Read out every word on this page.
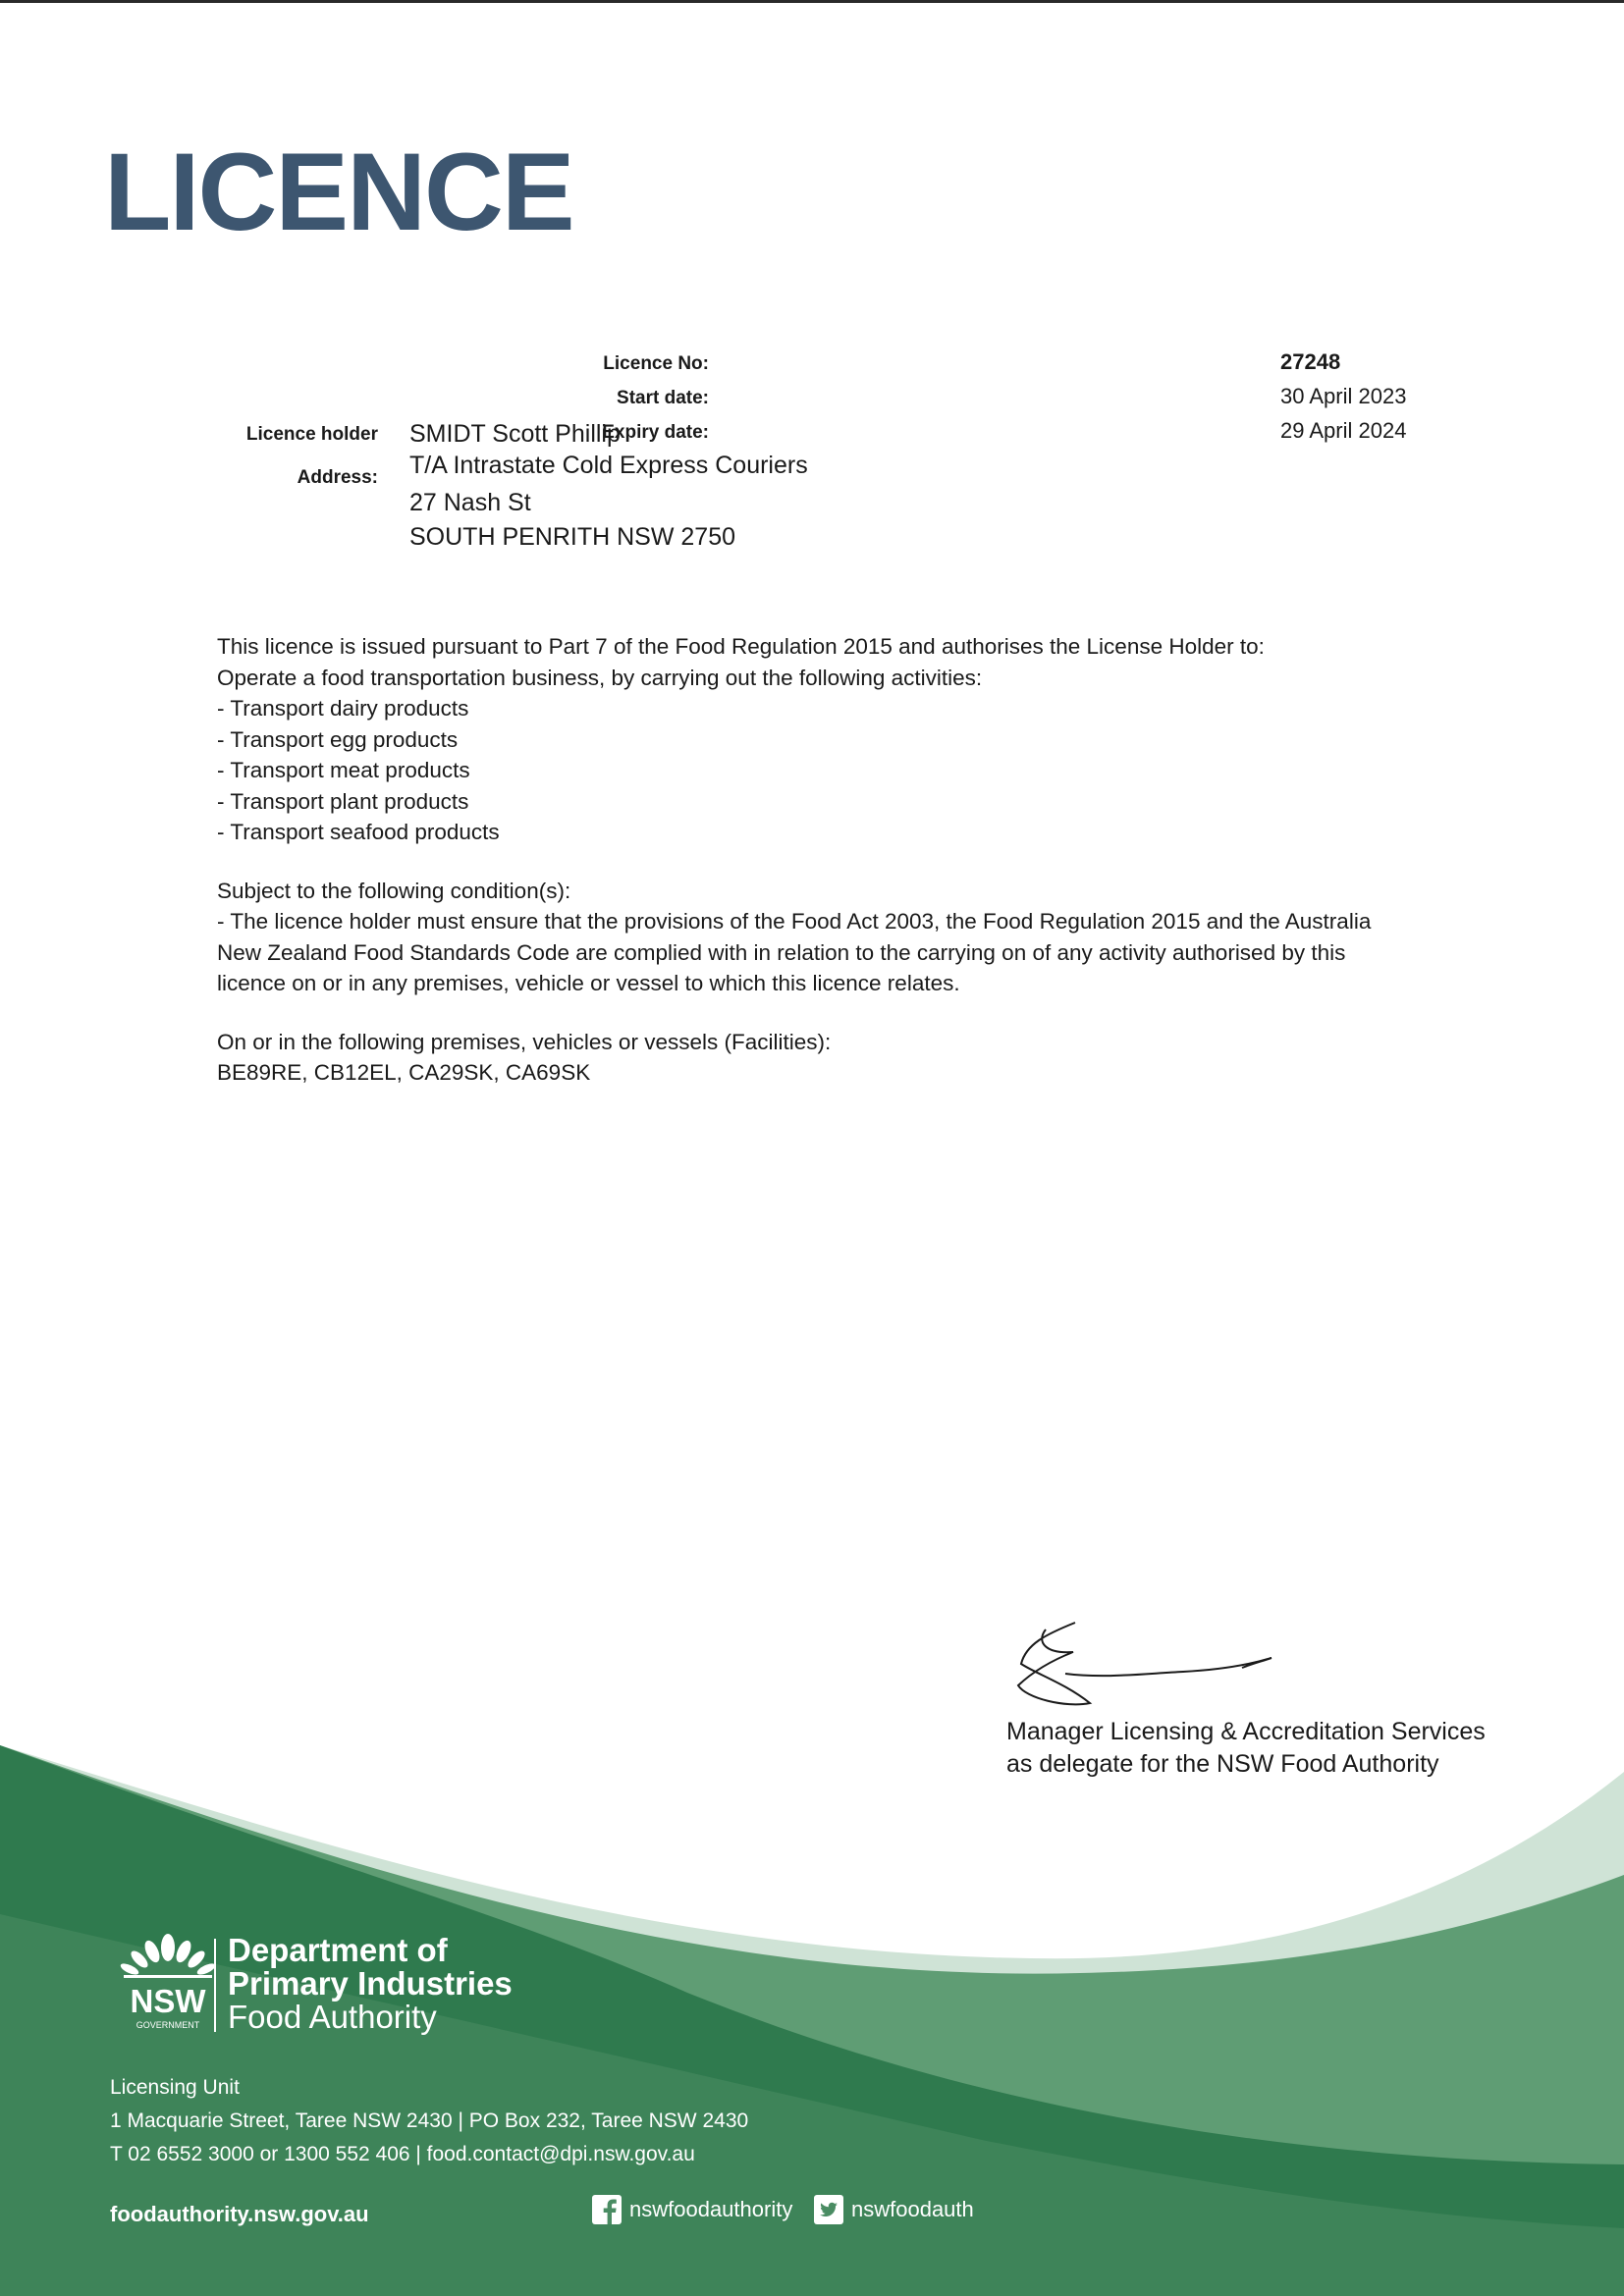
LICENCE
Licence No:	27248
Start date:	30 April 2023
Expiry date:	29 April 2024
Licence holder SMIDT Scott Phillip
Address: T/A Intrastate Cold Express Couriers
27 Nash St
SOUTH PENRITH NSW 2750

This licence is issued pursuant to Part 7 of the Food Regulation 2015 and authorises the License Holder to:

Operate a food transportation business, by carrying out the following activities:

- Transport dairy products

- Transport egg products

- Transport meat products

- Transport plant products

- Transport seafood products

Subject to the following condition(s):

- The licence holder must ensure that the provisions of the Food Act 2003, the Food Regulation 2015 and the Australia

New Zealand Food Standards Code are complied with in relation to the carrying on of any activity authorised by this

licence on or in any premises, vehicle or vessel to which this licence relates.

On or in the following premises, vehicles or vessels (Facilities):

BE89RE, CB12EL, CA29SK, CA69SK

Manager Licensing & Accreditation Services
as delegate for the NSW Food Authority
NSW
GOVERNMENT
Department of
Primary Industries
Food Authority
Licensing Unit
1 Macquarie Street, Taree NSW 2430 | PO Box 232, Taree NSW 2430
T 02 6552 3000 or 1300 552 406 | food.contact@dpi.nsw.gov.au
foodauthority.nsw.gov.au	nswfoodauthority	nswfoodauth
